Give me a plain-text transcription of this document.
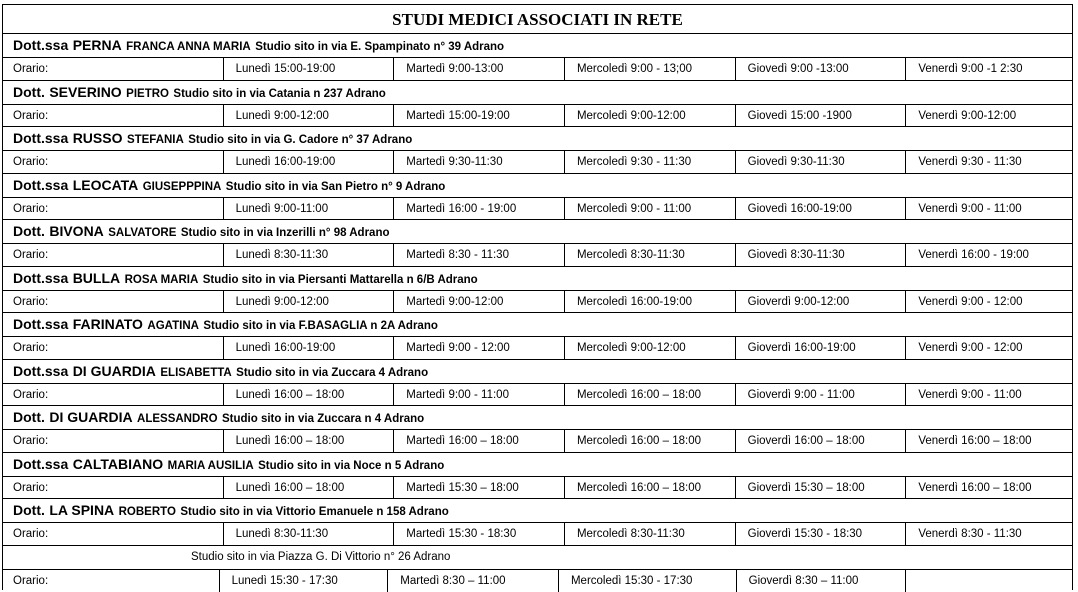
STUDI MEDICI ASSOCIATI IN RETE
Dott.ssa PERNA FRANCA ANNA MARIA Studio sito in via E. Spampinato n° 39 Adrano
Orario:	Lunedì 15:00-19:00	Martedì 9:00-13:00	Mercoledì 9:00 - 13;00	Giovedì 9:00 -13:00	Venerdì 9:00 -1 2:30
Dott. SEVERINO PIETRO Studio sito in via Catania n 237 Adrano
Orario:	Lunedì 9:00-12:00	Martedì 15:00-19:00	Mercoledì 9:00-12:00	Giovedì 15:00 -1900	Venerdì 9:00-12:00
Dott.ssa RUSSO STEFANIA Studio sito in via G. Cadore n° 37 Adrano
Orario:	Lunedì 16:00-19:00	Martedì 9:30-11:30	Mercoledì 9:30 - 11:30	Giovedì 9:30-11:30	Venerdì 9:30 - 11:30
Dott.ssa LEOCATA GIUSEPPPINA Studio sito in via San Pietro n° 9 Adrano
Orario:	Lunedì 9:00-11:00	Martedì 16:00 - 19:00	Mercoledì 9:00 - 11:00	Giovedì 16:00-19:00	Venerdì 9:00 - 11:00
Dott. BIVONA SALVATORE Studio sito in via Inzerilli n° 98 Adrano
Orario:	Lunedì 8:30-11:30	Martedì 8:30 - 11:30	Mercoledì 8:30-11:30	Giovedì 8:30-11:30	Venerdì 16:00 - 19:00
Dott.ssa BULLA ROSA MARIA Studio sito in via Piersanti Mattarella n 6/B Adrano
Orario:	Lunedì 9:00-12:00	Martedì 9:00-12:00	Mercoledì 16:00-19:00	Gioverdì 9:00-12:00	Venerdì 9:00 - 12:00
Dott.ssa FARINATO AGATINA Studio sito in via F.BASAGLIA n 2A Adrano
Orario:	Lunedì 16:00-19:00	Martedì 9:00 - 12:00	Mercoledì 9:00-12:00	Gioverdì 16:00-19:00	Venerdì 9:00 - 12:00
Dott.ssa DI GUARDIA ELISABETTA Studio sito in via Zuccara 4 Adrano
Orario:	Lunedì 16:00 – 18:00	Martedì 9:00 - 11:00	Mercoledì 16:00 – 18:00	Gioverdì 9:00 - 11:00	Venerdì 9:00 - 11:00
Dott. DI GUARDIA ALESSANDRO Studio sito in via Zuccara n 4 Adrano
Orario:	Lunedì 16:00 – 18:00	Martedì 16:00 – 18:00	Mercoledì 16:00 – 18:00	Gioverdì 16:00 – 18:00	Venerdì 16:00 – 18:00
Dott.ssa CALTABIANO MARIA AUSILIA Studio sito in via Noce n 5 Adrano
Orario:	Lunedì 16:00 – 18:00	Martedì 15:30 – 18:00	Mercoledì 16:00 – 18:00	Gioverdì 15:30 – 18:00	Venerdì 16:00 – 18:00
Dott. LA SPINA ROBERTO Studio sito in via Vittorio Emanuele n 158 Adrano
Orario:	Lunedì 8:30-11:30	Martedì 15:30 - 18:30	Mercoledì 8:30-11:30	Gioverdì 15:30 - 18:30	Venerdì 8:30 - 11:30
Studio sito in via Piazza G. Di Vittorio n° 26 Adrano
Orario:	Lunedì 15:30 - 17:30	Martedì 8:30 – 11:00	Mercoledì 15:30 - 17:30	Gioverdì 8:30 – 11:00
